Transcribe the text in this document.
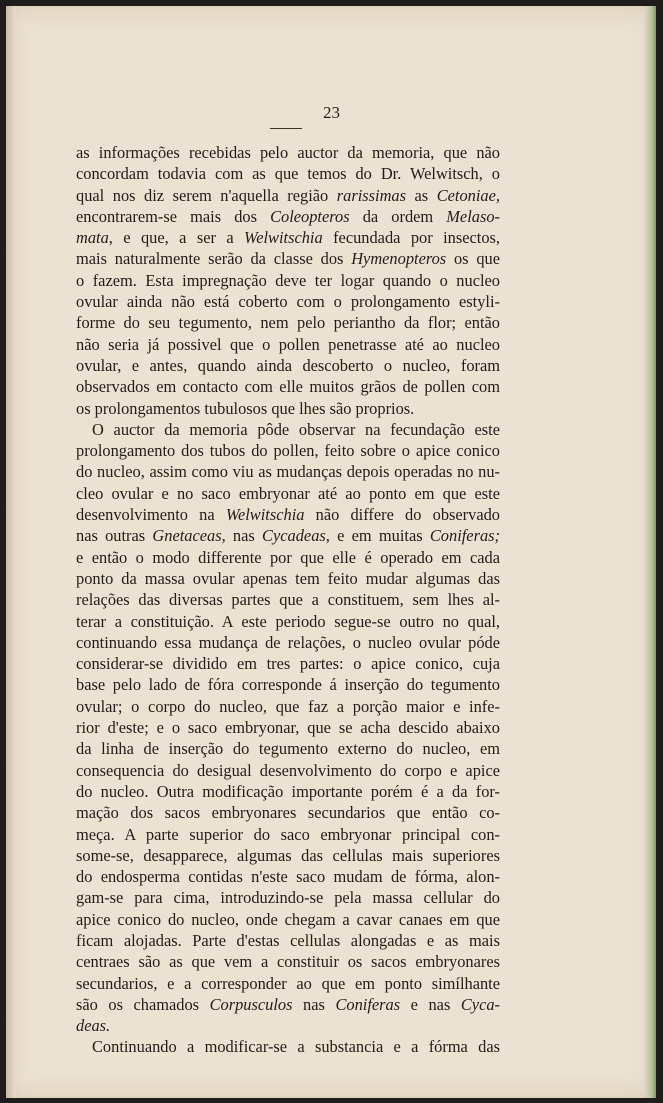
23
as informações recebidas pelo auctor da memoria, que não
concordam todavia com as que temos do Dr. Welwitsch, o
qual nos diz serem n'aquella região rarissimas as Cetoniae,
encontrarem-se mais dos Coleopteros da ordem Melaso-
mata, e que, a ser a Welwitschia fecundada por insectos,
mais naturalmente serão da classe dos Hymenopteros os que
o fazem. Esta impregnação deve ter logar quando o nucleo
ovular ainda não está coberto com o prolongamento estyli-
forme do seu tegumento, nem pelo perianthо da flor; então
não seria já possivel que o pollen penetrasse até ao nucleo
ovular, e antes, quando ainda descoberto o nucleo, foram
observados em contacto com elle muitos grãos de pollen com
os prolongamentos tubulosos que lhes são proprios.
O auctor da memoria pôde observar na fecundação este
prolongamento dos tubos do pollen, feito sobre o apice conico
do nucleo, assim como viu as mudanças depois operadas no nu-
cleo ovular e no saco embryonar até ao ponto em que este
desenvolvimento na Welwitschia não differe do observado
nas outras Gnetaceas, nas Cycadeas, e em muitas Coniferas;
e então o modo differente por que elle é operado em cada
ponto da massa ovular apenas tem feito mudar algumas das
relações das diversas partes que a constituem, sem lhes al-
terar a constituição. A este periodo segue-se outro no qual,
continuando essa mudança de relações, o nucleo ovular póde
considerar-se dividido em tres partes: o apice conico, cuja
base pelo lado de fóra corresponde á inserção do tegumento
ovular; o corpo do nucleo, que faz a porção maior e infe-
rior d'este; e o saco embryonar, que se acha descido abaixo
da linha de inserção do tegumento externo do nucleo, em
consequencia do desigual desenvolvimento do corpo e apice
do nucleo. Outra modificação importante porém é a da for-
mação dos sacos embryonares secundarios que então co-
meça. A parte superior do saco embryonar principal con-
some-se, desapparece, algumas das cellulas mais superiores
do endosperma contidas n'este saco mudam de fórma, alon-
gam-se para cima, introduzindo-se pela massa cellular do
apice conico do nucleo, onde chegam a cavar canaes em que
ficam alojadas. Parte d'estas cellulas alongadas e as mais
centraes são as que vem a constituir os sacos embryonares
secundarios, e a corresponder ao que em ponto simílhante
são os chamados Corpusculos nas Coniferas e nas Cyca-
deas.
Continuando a modificar-se a substancia e a fórma das
